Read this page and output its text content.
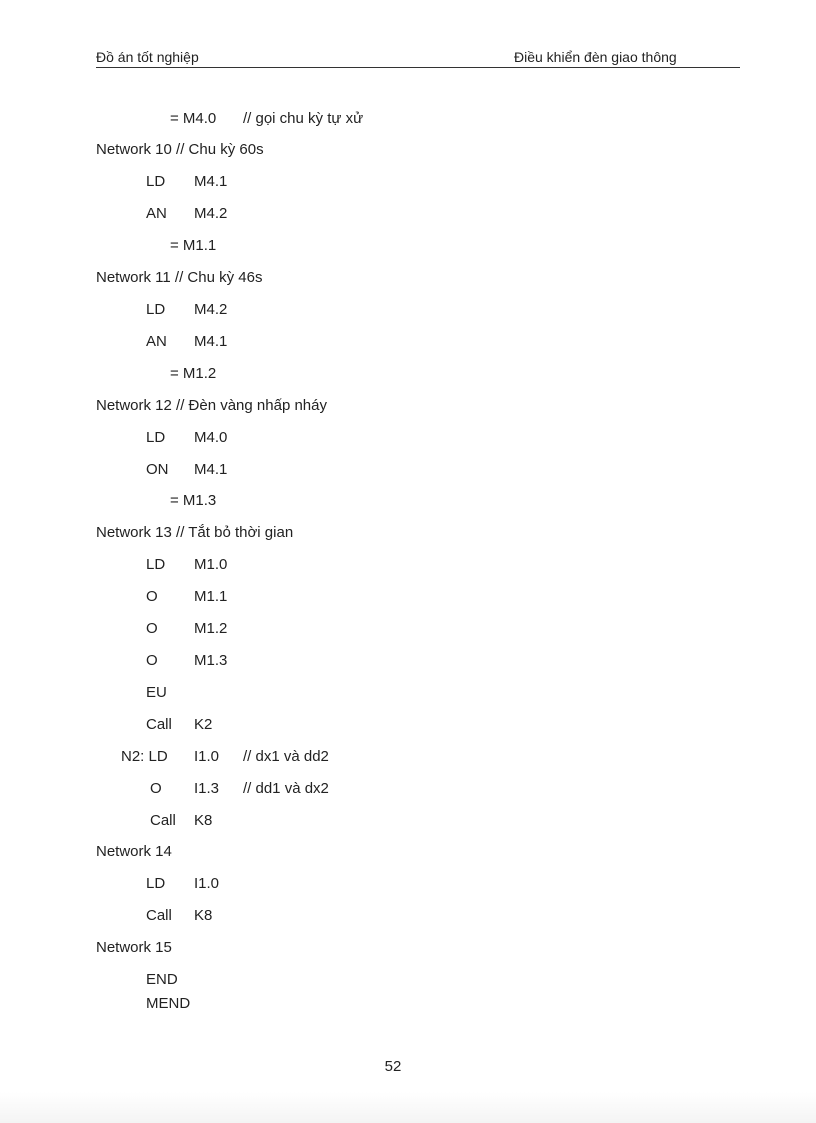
Đồ án tốt nghiệp	Điều khiển đèn giao thông
= M4.0 // gọi chu kỳ tự xử
Network 10 // Chu kỳ 60s
LD M4.1
AN M4.2
= M1.1
Network 11 // Chu kỳ 46s
LD M4.2
AN M4.1
= M1.2
Network 12 // Đèn vàng nhấp nháy
LD M4.0
ON M4.1
= M1.3
Network 13 // Tắt bỏ thời gian
LD M1.0
O M1.1
O M1.2
O M1.3
EU
Call K2
N2: LD I1.0 // dx1 và dd2
O I1.3 // dd1 và dx2
Call K8
Network 14
LD I1.0
Call K8
Network 15
END
MEND
52
